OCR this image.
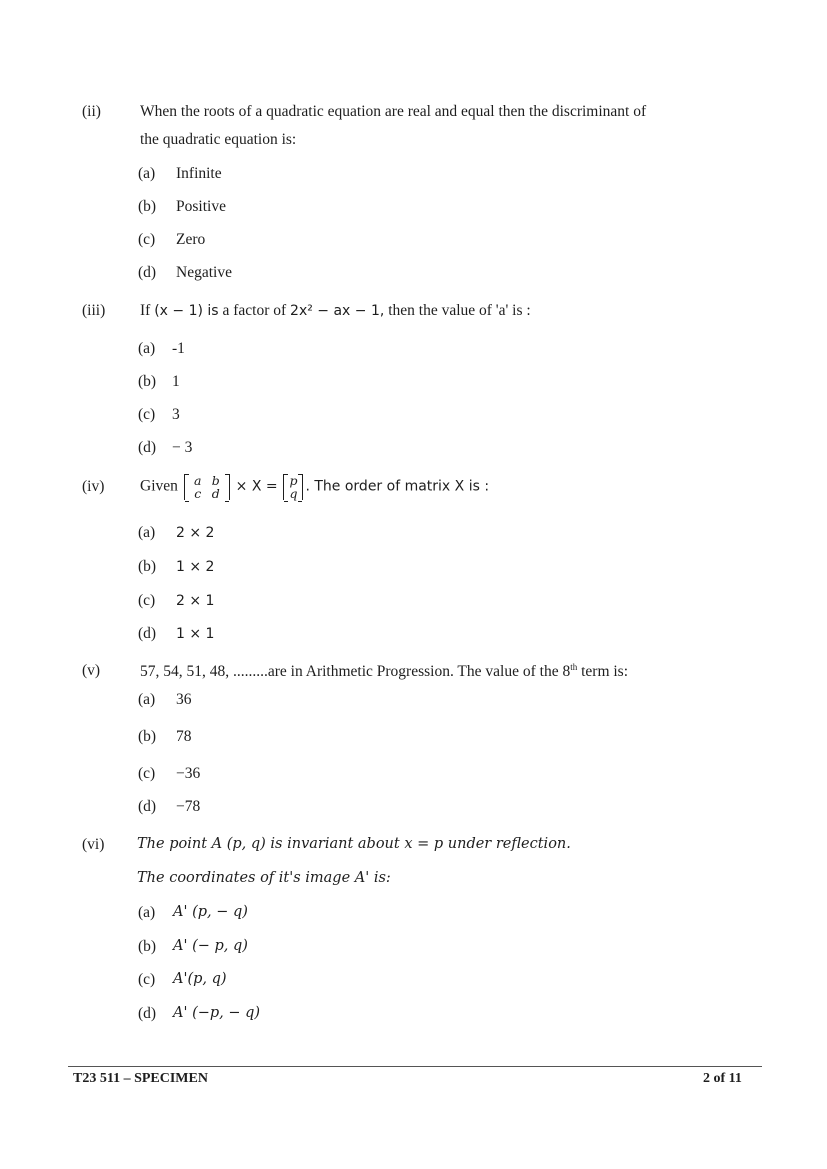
(ii)	When the roots of a quadratic equation are real and equal then the discriminant of
the quadratic equation is:
(a) Infinite
(b) Positive
(c) Zero
(d) Negative
(iii) If (x − 1) is a factor of 2x² − ax − 1, then the value of 'a' is :
(a) -1
(b) 1
(c) 3
(d) − 3
(iv) Given	a b
c d	× X = p
q . The order of matrix X is :
(a) 2 × 2
(b) 1 × 2
(c) 2 × 1
(d) 1 × 1
(v)	57, 54, 51, 48, .........are in Arithmetic Progression. The value of the 8th term is:
(a) 36
(b) 78
(c) −36
(d) −78
(vi) The point A (p, q) is invariant about x = p under reflection.
The coordinates of it's image A' is:
(a) A' (p, − q)
(b) A' (− p, q)
(c) A'(p, q)
(d) A' (−p, − q)
T23 511 – SPECIMEN	2 of 11
